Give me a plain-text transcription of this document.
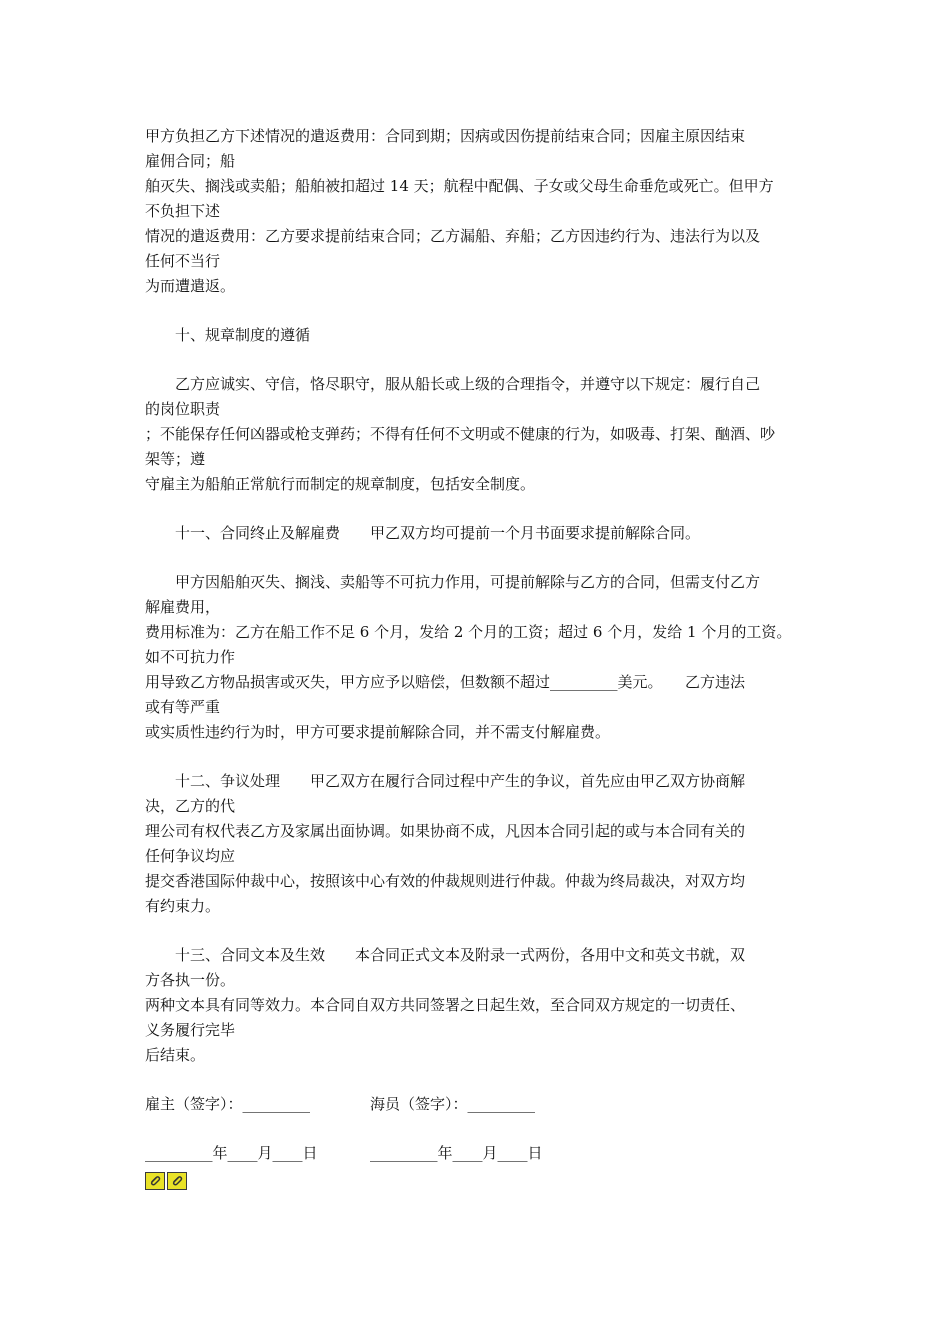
甲方负担乙方下述情况的遣返费用：合同到期；因病或因伤提前结束合同；因雇主原因结束
雇佣合同；船
舶灭失、搁浅或卖船；船舶被扣超过 14 天；航程中配偶、子女或父母生命垂危或死亡。但甲方
不负担下述
情况的遣返费用：乙方要求提前结束合同；乙方漏船、弃船；乙方因违约行为、违法行为以及
任何不当行
为而遭遣返。
十、规章制度的遵循
乙方应诚实、守信，恪尽职守，服从船长或上级的合理指令，并遵守以下规定：履行自己
的岗位职责
；不能保存任何凶器或枪支弹药；不得有任何不文明或不健康的行为，如吸毒、打架、酗酒、吵
架等；遵
守雇主为船舶正常航行而制定的规章制度，包括安全制度。
十一、合同终止及解雇费　　甲乙双方均可提前一个月书面要求提前解除合同。
甲方因船舶灭失、搁浅、卖船等不可抗力作用，可提前解除与乙方的合同，但需支付乙方
解雇费用，
费用标准为：乙方在船工作不足 6 个月，发给 2 个月的工资；超过 6 个月，发给 1 个月的工资。
如不可抗力作
用导致乙方物品损害或灭失，甲方应予以赔偿，但数额不超过_________美元。　　乙方违法
或有等严重
或实质性违约行为时，甲方可要求提前解除合同，并不需支付解雇费。
十二、争议处理　　甲乙双方在履行合同过程中产生的争议，首先应由甲乙双方协商解
决，乙方的代
理公司有权代表乙方及家属出面协调。如果协商不成，凡因本合同引起的或与本合同有关的
任何争议均应
提交香港国际仲裁中心，按照该中心有效的仲裁规则进行仲裁。仲裁为终局裁决，对双方均
有约束力。
十三、合同文本及生效　　本合同正式文本及附录一式两份，各用中文和英文书就，双
方各执一份。
两种文本具有同等效力。本合同自双方共同签署之日起生效，至合同双方规定的一切责任、
义务履行完毕
后结束。
雇主（签字）：_________	海员（签字）：_________
_________年____月____日	_________年____月____日
